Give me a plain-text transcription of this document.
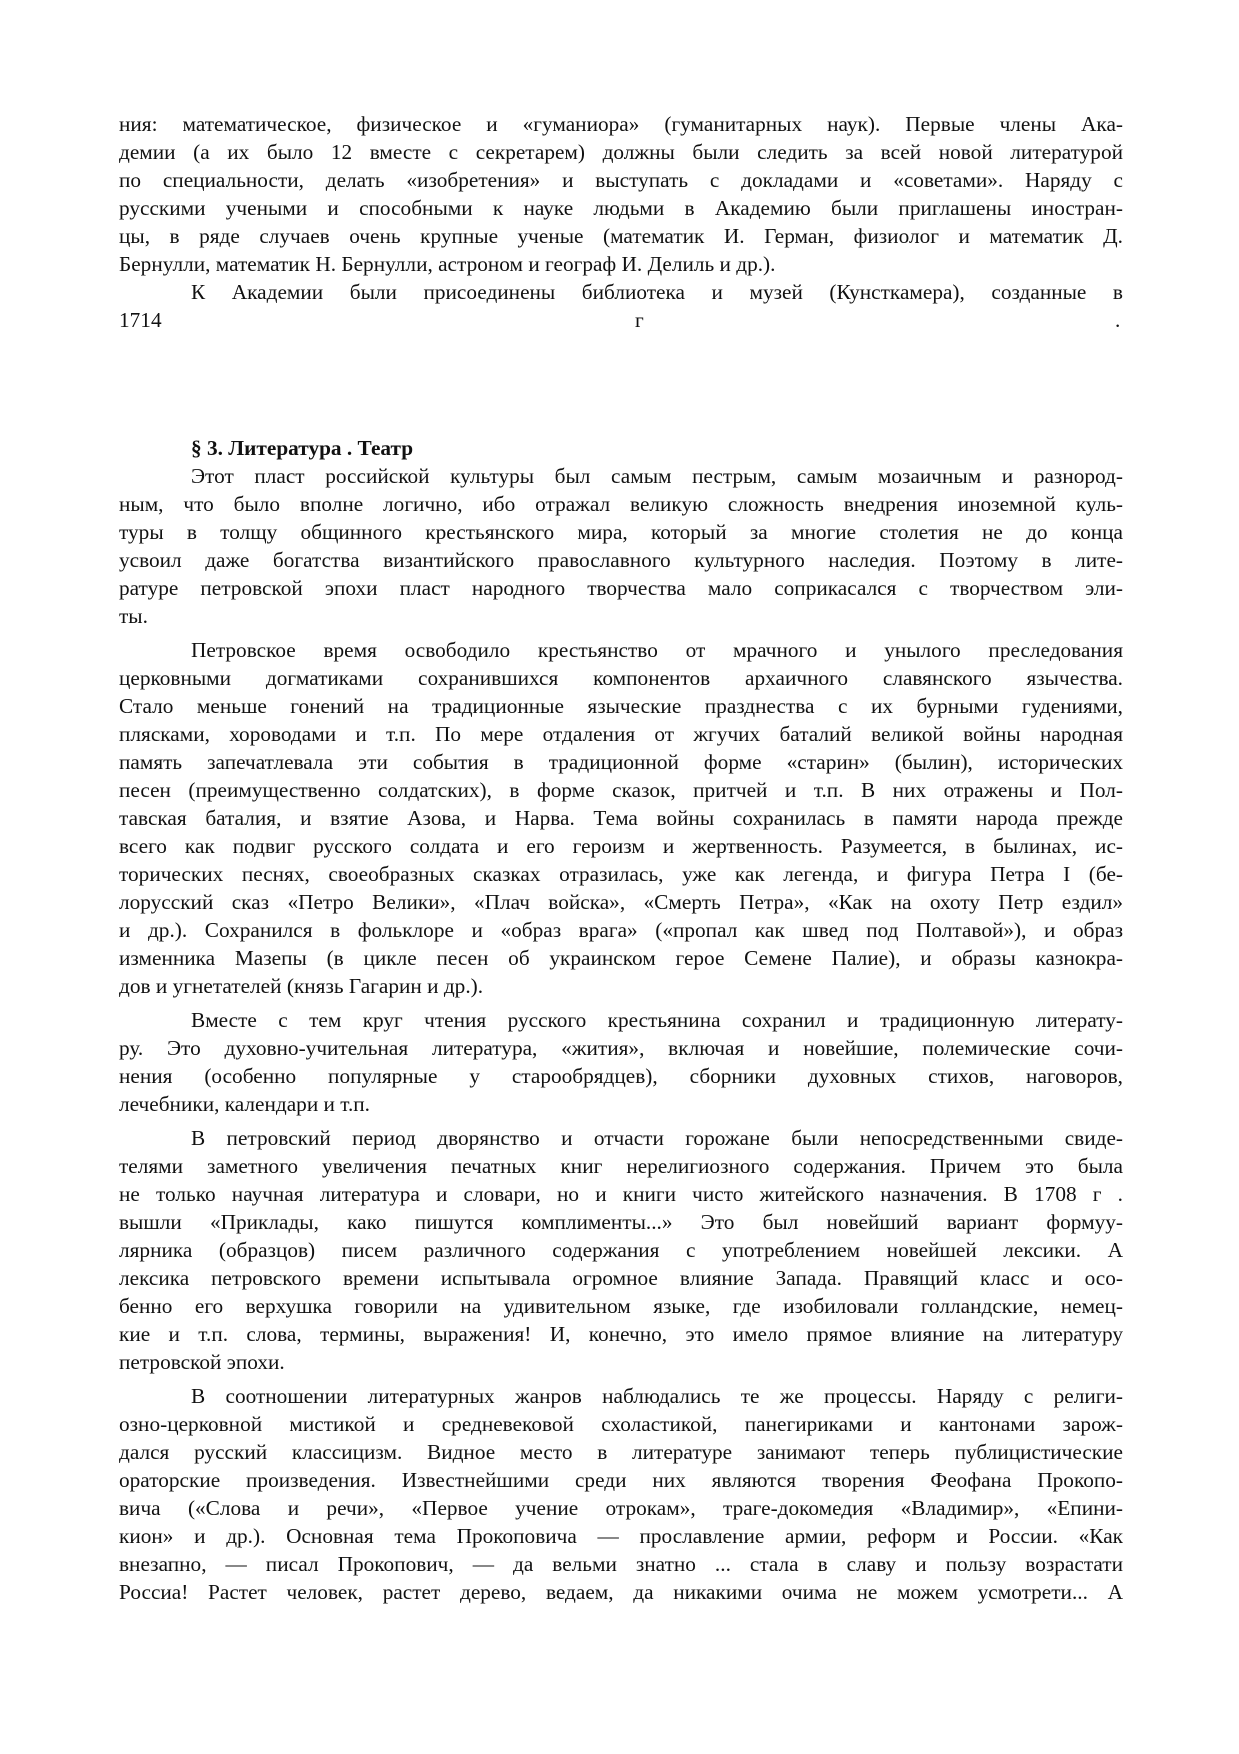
ния: математическое, физическое и «гуманиора» (гуманитарных наук). Первые члены Ака-
демии (а их было 12 вместе с секретарем) должны были следить за всей новой литературой
по специальности, делать «изобретения» и выступать с докладами и «советами». Наряду с
русскими учеными и способными к науке людьми в Академию были приглашены иностран-
цы, в ряде случаев очень крупные ученые (математик И. Герман, физиолог и математик Д.
Бернулли, математик Н. Бернулли, астроном и географ И. Делиль и др.).
К Академии были присоединены библиотека и музей (Кунсткамера), созданные в
1714	г	.
§ 3. Литература . Театр
Этот пласт российской культуры был самым пестрым, самым мозаичным и разнород-
ным, что было вполне логично, ибо отражал великую сложность внедрения иноземной куль-
туры в толщу общинного крестьянского мира, который за многие столетия не до конца
усвоил даже богатства византийского православного культурного наследия. Поэтому в лите-
ратуре петровской эпохи пласт народного творчества мало соприкасался с творчеством эли-
ты.
Петровское время освободило крестьянство от мрачного и унылого преследования
церковными догматиками сохранившихся компонентов архаичного славянского язычества.
Стало меньше гонений на традиционные языческие празднества с их бурными гудениями,
плясками, хороводами и т.п. По мере отдаления от жгучих баталий великой войны народная
память запечатлевала эти события в традиционной форме «старин» (былин), исторических
песен (преимущественно солдатских), в форме сказок, притчей и т.п. В них отражены и Пол-
тавская баталия, и взятие Азова, и Нарва. Тема войны сохранилась в памяти народа прежде
всего как подвиг русского солдата и его героизм и жертвенность. Разумеется, в былинах, ис-
торических песнях, своеобразных сказках отразилась, уже как легенда, и фигура Петра I (бе-
лорусский сказ «Петро Велики», «Плач войска», «Смерть Петра», «Как на охоту Петр ездил»
и др.). Сохранился в фольклоре и «образ врага» («пропал как швед под Полтавой»), и образ
изменника Мазепы (в цикле песен об украинском герое Семене Палие), и образы казнокра-
дов и угнетателей (князь Гагарин и др.).
Вместе с тем круг чтения русского крестьянина сохранил и традиционную литерату-
ру. Это духовно-учительная литература, «жития», включая и новейшие, полемические сочи-
нения (особенно популярные у старообрядцев), сборники духовных стихов, наговоров,
лечебники, календари и т.п.
В петровский период дворянство и отчасти горожане были непосредственными свиде-
телями заметного увеличения печатных книг нерелигиозного содержания. Причем это была
не только научная литература и словари, но и книги чисто житейского назначения. В 1708 г .
вышли «Приклады, како пишутся комплименты...» Это был новейший вариант формуу-
лярника (образцов) писем различного содержания с употреблением новейшей лексики. А
лексика петровского времени испытывала огромное влияние Запада. Правящий класс и осо-
бенно его верхушка говорили на удивительном языке, где изобиловали голландские, немец-
кие и т.п. слова, термины, выражения! И, конечно, это имело прямое влияние на литературу
петровской эпохи.
В соотношении литературных жанров наблюдались те же процессы. Наряду с религи-
озно-церковной мистикой и средневековой схоластикой, панегириками и кантонами зарож-
дался русский классицизм. Видное место в литературе занимают теперь публицистические
ораторские произведения. Известнейшими среди них являются творения Феофана Прокопо-
вича («Слова и речи», «Первое учение отрокам», траге-докомедия «Владимир», «Епини-
кион» и др.). Основная тема Прокоповича — прославление армии, реформ и России. «Как
внезапно, — писал Прокопович, — да вельми знатно ... стала в славу и пользу возрастати
Россиа! Растет человек, растет дерево, ведаем, да никакими очима не можем усмотрети... А
